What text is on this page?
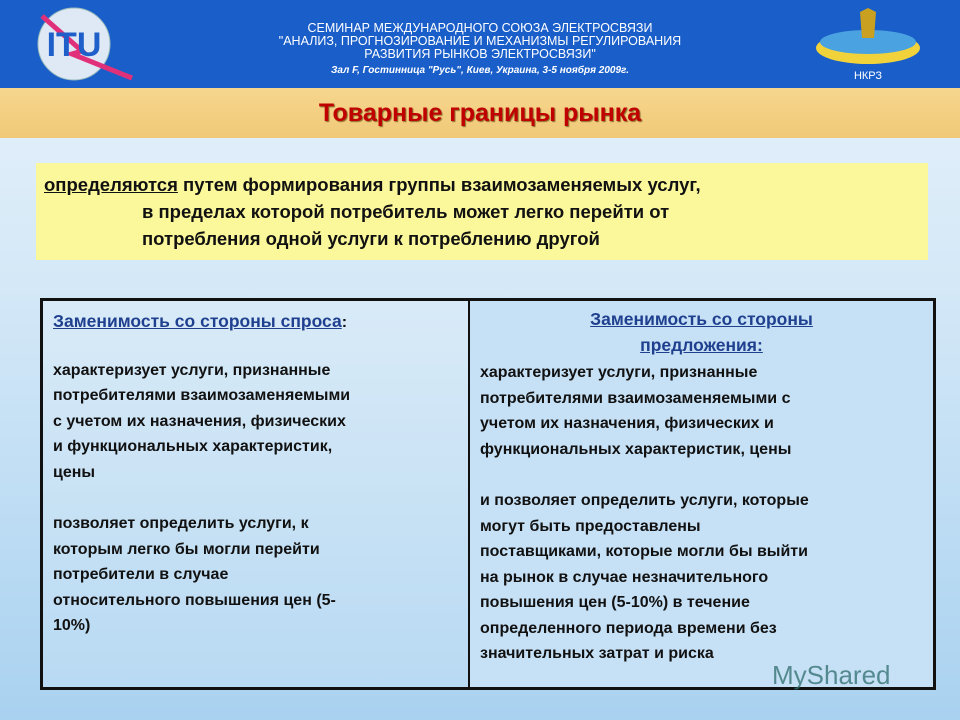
ITU	СЕМИНАР МЕЖДУНАРОДНОГО СОЮЗА ЭЛЕКТРОСВЯЗИ
"АНАЛИЗ, ПРОГНОЗИРОВАНИЕ И МЕХАНИЗМЫ РЕГУЛИРОВАНИЯ
РАЗВИТИЯ РЫНКОВ ЭЛЕКТРОСВЯЗИ"
Зал F, Гостинница "Русь", Киев, Украина, 3-5 ноября 2009г.	НКРЗ
Товарные границы рынка
определяются путем формирования группы взаимозаменяемых услуг,
в пределах которой потребитель может легко перейти от
потребления одной услуги к потреблению другой
Заменимость со стороны спроса:
характеризует услуги, признанные
потребителями взаимозаменяемыми
с учетом их назначения, физических
и функциональных характеристик,
цены
позволяет определить услуги, к
которым легко бы могли перейти
потребители в случае
относительного повышения цен (5-
10%)
Заменимость со стороны
предложения:
характеризует услуги, признанные
потребителями взаимозаменяемыми с
учетом их назначения, физических и
функциональных характеристик, цены
и позволяет определить услуги, которые
могут быть предоставлены
поставщиками, которые могли бы выйти
на рынок в случае незначительного
повышения цен (5-10%) в течение
определенного периода времени без
значительных затрат и риска
MyShared
